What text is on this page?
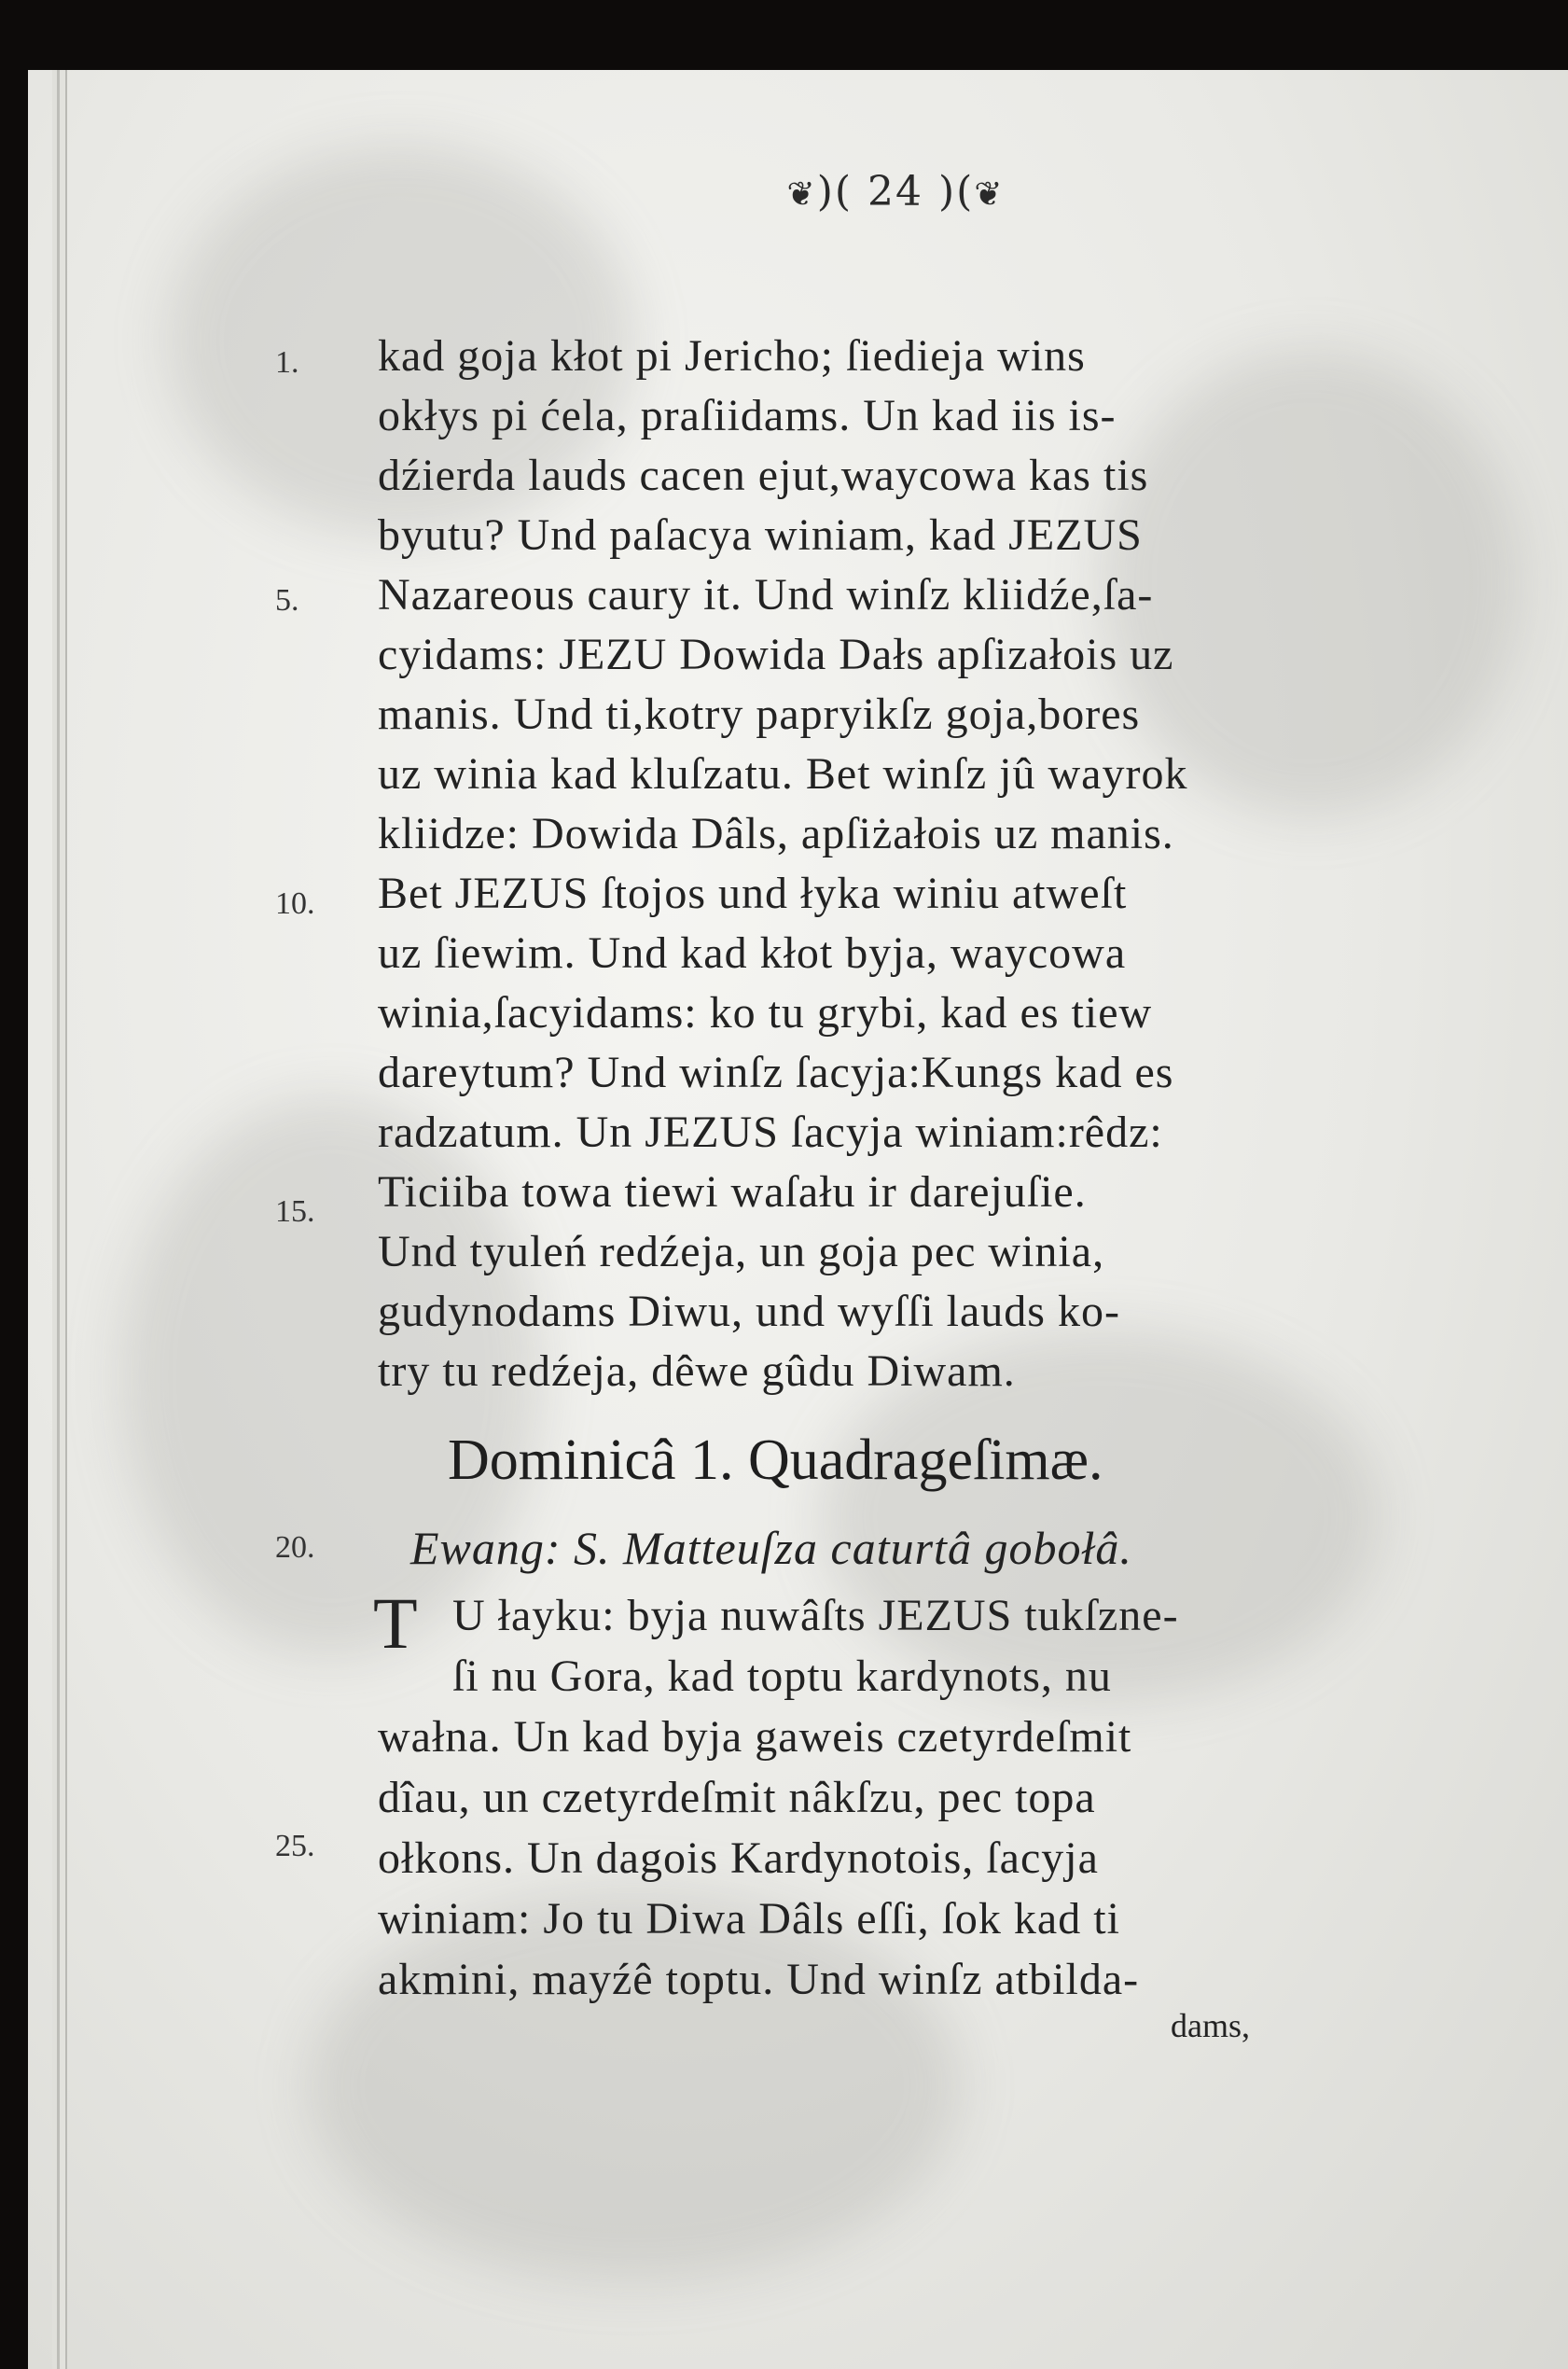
❦)( 24 )(❦
1.
5.
10.
15.
20.
25.
kad goja kłot pi Jericho; ſiedieja wins
okłys pi ćela, praſiidams. Un kad iis is-
dźierda lauds cacen ejut,waycowa kas tis
byutu? Und paſacya winiam, kad JEZUS
Nazareous caury it. Und winſz kliidźe,ſa-
cyidams: JEZU Dowida Dałs apſizałois uz
manis. Und ti,kotry papryikſz goja,bores
uz winia kad kluſzatu. Bet winſz jû wayrok
kliidze: Dowida Dâls, apſiżałois uz manis.
Bet JEZUS ſtojos und łyka winiu atweſt
uz ſiewim. Und kad kłot byja, waycowa
winia,ſacyidams: ko tu grybi, kad es tiew
dareytum? Und winſz ſacyja:Kungs kad es
radzatum. Un JEZUS ſacyja winiam:rêdz:
Ticiiba towa tiewi waſału ir darejuſie.
Und tyuleń redźeja, un goja pec winia,
gudynodams Diwu, und wyſſi lauds ko-
try tu redźeja, dêwe gûdu Diwam.
Dominicâ 1. Quadrageſimæ.
Ewang: S. Matteuſza caturtâ gobołâ.
T U łayku: byja nuwâſts JEZUS tukſzne-
ſi nu Gora, kad toptu kardynots, nu
wałna. Un kad byja gaweis czetyrdeſmit
dîau, un czetyrdeſmit nâkſzu, pec topa
ołkons. Un dagois Kardynotois, ſacyja
winiam: Jo tu Diwa Dâls eſſi, ſok kad ti
akmini, mayźê toptu. Und winſz atbilda-
dams,
